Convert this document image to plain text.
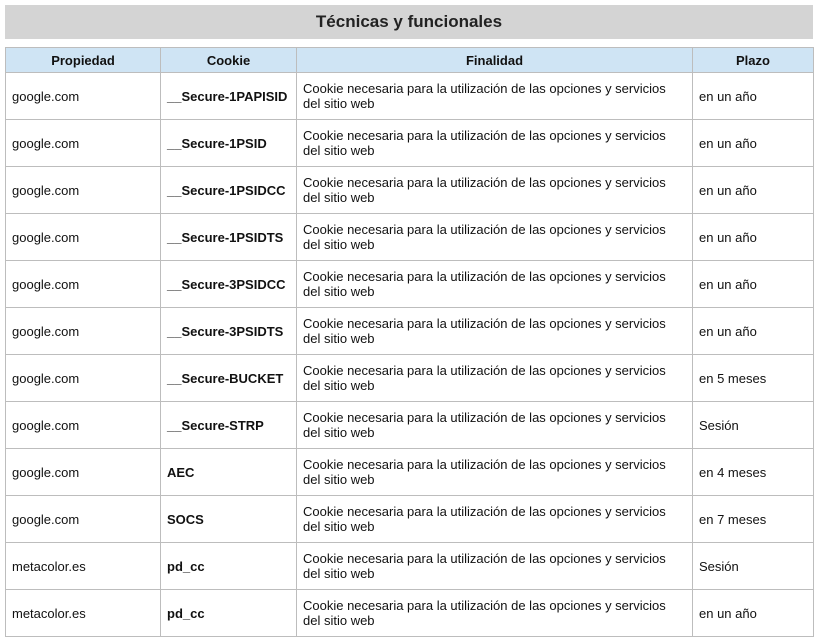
Técnicas y funcionales
Propiedad	Cookie	Finalidad	Plazo
google.com	__Secure-1PAPISID	Cookie necesaria para la utilización de las opciones y servicios del sitio web	en un año
google.com	__Secure-1PSID	Cookie necesaria para la utilización de las opciones y servicios del sitio web	en un año
google.com	__Secure-1PSIDCC	Cookie necesaria para la utilización de las opciones y servicios del sitio web	en un año
google.com	__Secure-1PSIDTS	Cookie necesaria para la utilización de las opciones y servicios del sitio web	en un año
google.com	__Secure-3PSIDCC	Cookie necesaria para la utilización de las opciones y servicios del sitio web	en un año
google.com	__Secure-3PSIDTS	Cookie necesaria para la utilización de las opciones y servicios del sitio web	en un año
google.com	__Secure-BUCKET	Cookie necesaria para la utilización de las opciones y servicios del sitio web	en 5 meses
google.com	__Secure-STRP	Cookie necesaria para la utilización de las opciones y servicios del sitio web	Sesión
google.com	AEC	Cookie necesaria para la utilización de las opciones y servicios del sitio web	en 4 meses
google.com	SOCS	Cookie necesaria para la utilización de las opciones y servicios del sitio web	en 7 meses
metacolor.es	pd_cc	Cookie necesaria para la utilización de las opciones y servicios del sitio web	Sesión
metacolor.es	pd_cc	Cookie necesaria para la utilización de las opciones y servicios del sitio web	en un año
